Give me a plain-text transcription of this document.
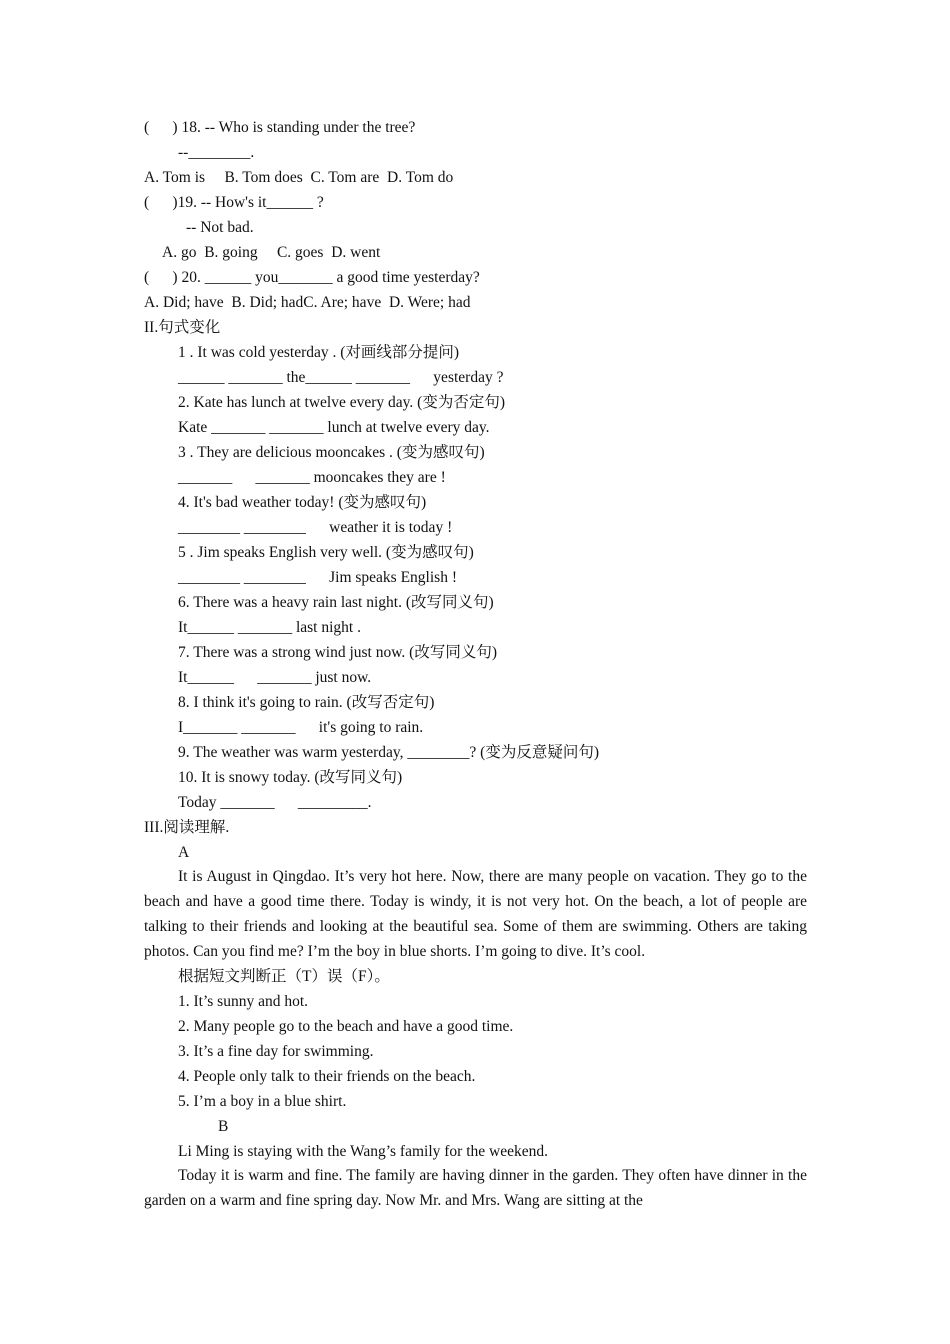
(      ) 18. -- Who is standing under the tree?
--________.
A. Tom is     B. Tom does  C. Tom are  D. Tom do
(      )19. -- How's it______ ?
-- Not bad.
A. go  B. going     C. goes  D. went
(      ) 20. ______ you_______ a good time yesterday?
A. Did; have  B. Did; hadC. Are; have  D. Were; had
II.句式变化
1 . It was cold yesterday . (对画线部分提问)
______ _______ the______ _______      yesterday ?
2. Kate has lunch at twelve every day. (变为否定句)
Kate _______ _______ lunch at twelve every day.
3 . They are delicious mooncakes . (变为感叹句)
_______      _______ mooncakes they are !
4. It's bad weather today! (变为感叹句)
________ ________      weather it is today !
5 . Jim speaks English very well. (变为感叹句)
________ ________      Jim speaks English !
6. There was a heavy rain last night. (改写同义句)
It______ _______ last night .
7. There was a strong wind just now. (改写同义句)
It______      _______ just now.
8. I think it's going to rain. (改写否定句)
I_______ _______      it's going to rain.
9. The weather was warm yesterday, ________? (变为反意疑问句)
10. It is snowy today. (改写同义句)
Today _______      _________.
III.阅读理解.
A
It is August in Qingdao. It’s very hot here. Now, there are many people on vacation. They go to the beach and have a good time there. Today is windy, it is not very hot. On the beach, a lot of people are talking to their friends and looking at the beautiful sea. Some of them are swimming. Others are taking photos. Can you find me? I’m the boy in blue shorts. I’m going to dive. It’s cool.
根据短文判断正（T）误（F）。
1. It’s sunny and hot.
2. Many people go to the beach and have a good time.
3. It’s a fine day for swimming.
4. People only talk to their friends on the beach.
5. I’m a boy in a blue shirt.
B
Li Ming is staying with the Wang’s family for the weekend.
Today it is warm and fine. The family are having dinner in the garden. They often have dinner in the garden on a warm and fine spring day. Now Mr. and Mrs. Wang are sitting at the
